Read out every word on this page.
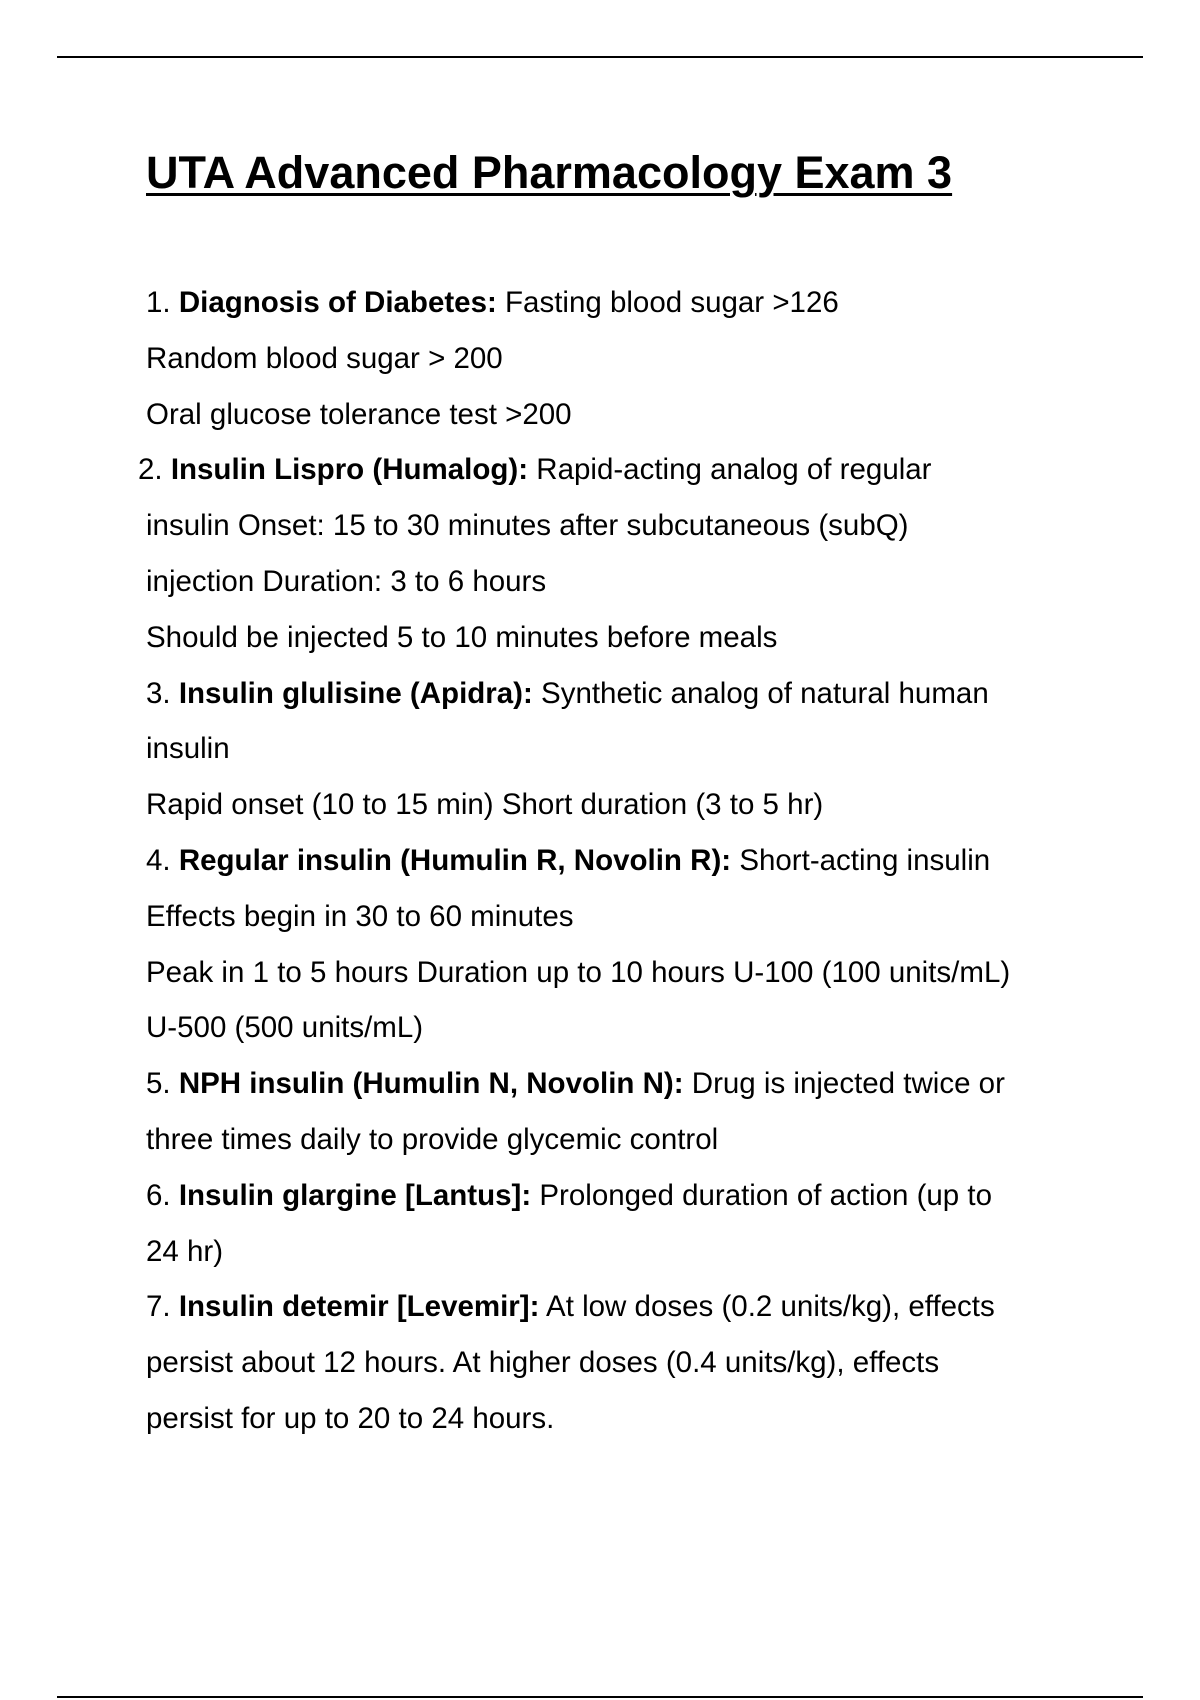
UTA Advanced Pharmacology Exam 3
1. Diagnosis of Diabetes: Fasting blood sugar >126
Random blood sugar > 200
Oral glucose tolerance test >200
2. Insulin Lispro (Humalog): Rapid-acting analog of regular
insulin Onset: 15 to 30 minutes after subcutaneous (subQ)
injection Duration: 3 to 6 hours
Should be injected 5 to 10 minutes before meals
3. Insulin glulisine (Apidra): Synthetic analog of natural human
insulin
Rapid onset (10 to 15 min) Short duration (3 to 5 hr)
4. Regular insulin (Humulin R, Novolin R): Short-acting insulin
Effects begin in 30 to 60 minutes
Peak in 1 to 5 hours Duration up to 10 hours U-100 (100 units/mL)
U-500 (500 units/mL)
5. NPH insulin (Humulin N, Novolin N): Drug is injected twice or
three times daily to provide glycemic control
6. Insulin glargine [Lantus]: Prolonged duration of action (up to
24 hr)
7. Insulin detemir [Levemir]: At low doses (0.2 units/kg), effects
persist about 12 hours. At higher doses (0.4 units/kg), effects
persist for up to 20 to 24 hours.
